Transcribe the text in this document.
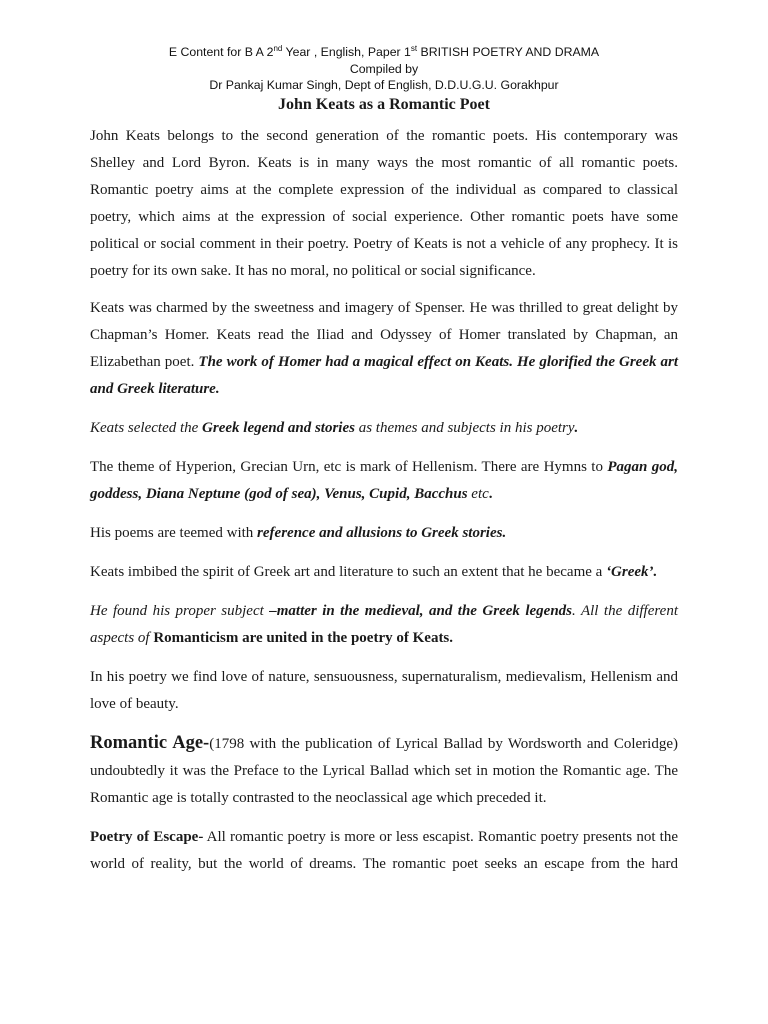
E Content for B A 2nd Year , English, Paper 1st BRITISH POETRY AND DRAMA
Compiled by
Dr Pankaj Kumar Singh, Dept of English, D.D.U.G.U. Gorakhpur
John Keats as a Romantic Poet

John Keats belongs to the second generation of the romantic poets. His contemporary was Shelley and Lord Byron. Keats is in many ways the most romantic of all romantic poets. Romantic poetry aims at the complete expression of the individual as compared to classical poetry, which aims at the expression of social experience. Other romantic poets have some political or social comment in their poetry. Poetry of Keats is not a vehicle of any prophecy. It is poetry for its own sake. It has no moral, no political or social significance.

Keats was charmed by the sweetness and imagery of Spenser. He was thrilled to great delight by Chapman’s Homer. Keats read the Iliad and Odyssey of Homer translated by Chapman, an Elizabethan poet. The work of Homer had a magical effect on Keats. He glorified the Greek art and Greek literature.

Keats selected the Greek legend and stories as themes and subjects in his poetry.

The theme of Hyperion, Grecian Urn, etc is mark of Hellenism. There are Hymns to Pagan god, goddess, Diana Neptune (god of sea), Venus, Cupid, Bacchus etc.

His poems are teemed with reference and allusions to Greek stories.

Keats imbibed the spirit of Greek art and literature to such an extent that he became a ‘Greek’.

He found his proper subject –matter in the medieval, and the Greek legends. All the different aspects of Romanticism are united in the poetry of Keats.

In his poetry we find love of nature, sensuousness, supernaturalism, medievalism, Hellenism and love of beauty.

Romantic Age-(1798 with the publication of Lyrical Ballad by Wordsworth and Coleridge) undoubtedly it was the Preface to the Lyrical Ballad which set in motion the Romantic age. The Romantic age is totally contrasted to the neoclassical age which preceded it.

Poetry of Escape- All romantic poetry is more or less escapist. Romantic poetry presents not the world of reality, but the world of dreams. The romantic poet seeks an escape from the hard
